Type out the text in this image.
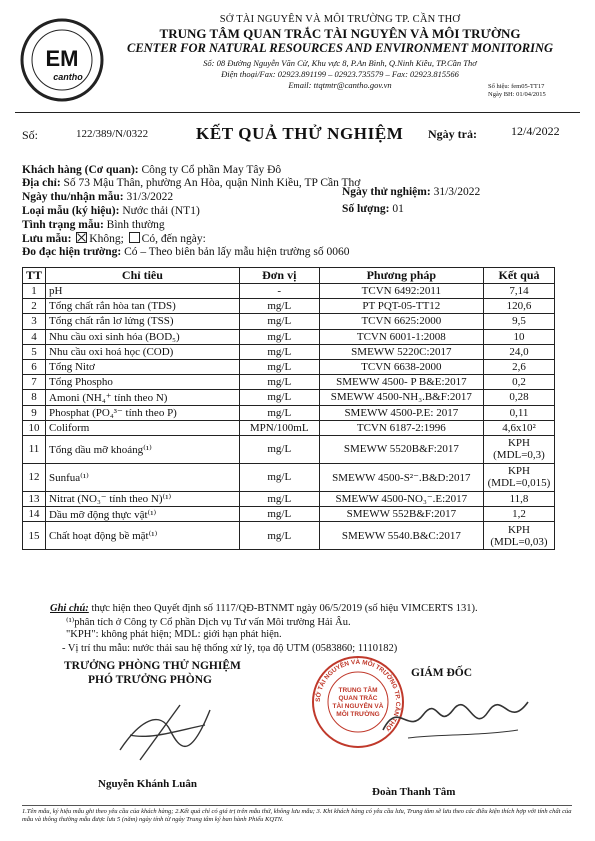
EM
cantho
SỞ TÀI NGUYÊN VÀ MÔI TRƯỜNG TP. CẦN THƠ
TRUNG TÂM QUAN TRẮC TÀI NGUYÊN VÀ MÔI TRƯỜNG
CENTER FOR NATURAL RESOURCES AND ENVIRONMENT MONITORING
Số: 08 Đường Nguyễn Văn Cừ, Khu vực 8, P.An Bình, Q.Ninh Kiều, TP.Cần Thơ
Điện thoại/Fax: 02923.891199 – 02923.735579 – Fax: 02923.815566
Email: ttqtmtr@cantho.gov.vn	Số hiệu: fem05-TT17
Ngày BH: 01/04/2015
Số:	122/389/N/0322	KẾT QUẢ THỬ NGHIỆM Ngày trả:	12/4/2022
Khách hàng (Cơ quan): Công ty Cổ phần May Tây Đô
Địa chỉ: Số 73 Mậu Thân, phường An Hòa, quận Ninh Kiều, TP Cần Thơ
Ngày thu/nhận mẫu: 31/3/2022	Ngày thử nghiệm: 31/3/2022
Loại mẫu (ký hiệu): Nước thải (NT1)	Số lượng: 01
Tình trạng mẫu: Bình thường
Lưu mẫu: Không; Có, đến ngày:
Đo đạc hiện trường: Có – Theo biên bản lấy mẫu hiện trường số 0060
TT	Chỉ tiêu	Đơn vị	Phương pháp	Kết quả
1	pH	-	TCVN 6492:2011	7,14
2	Tổng chất rắn hòa tan (TDS)	mg/L	PT PQT-05-TT12	120,6
3	Tổng chất rắn lơ lửng (TSS)	mg/L	TCVN 6625:2000	9,5
4	Nhu cầu oxi sinh hóa (BOD₅)	mg/L	TCVN 6001-1:2008	10
5	Nhu cầu oxi hoá học (COD)	mg/L	SMEWW 5220C:2017	24,0
6	Tổng Nitơ	mg/L	TCVN 6638-2000	2,6
7	Tổng Phospho	mg/L	SMEWW 4500- P B&E:2017	0,2
8	Amoni (NH₄⁺ tính theo N)	mg/L	SMEWW 4500-NH₃.B&F:2017	0,28
9	Phosphat (PO₄³⁻ tính theo P)	mg/L	SMEWW 4500-P.E: 2017	0,11
10	Coliform	MPN/100mL	TCVN 6187-2:1996	4,6x10²
11	Tổng dầu mỡ khoáng⁽¹⁾	mg/L	SMEWW 5520B&F:2017	KPH
(MDL=0,3)
12	Sunfua⁽¹⁾	mg/L	SMEWW 4500-S²⁻.B&D:2017	KPH
(MDL=0,015)
13	Nitrat (NO₃⁻ tính theo N)⁽¹⁾	mg/L	SMEWW 4500-NO₃⁻.E:2017	11,8
14	Dầu mỡ động thực vật⁽¹⁾	mg/L	SMEWW 552B&F:2017	1,2
15	Chất hoạt động bề mặt⁽¹⁾	mg/L	SMEWW 5540.B&C:2017	KPH
(MDL=0,03)
Ghi chú: thực hiện theo Quyết định số 1117/QĐ-BTNMT ngày 06/5/2019 (số hiệu VIMCERTS 131).
⁽¹⁾phân tích ở Công ty Cổ phần Dịch vụ Tư vấn Môi trường Hải Âu.
"KPH": không phát hiện; MDL: giới hạn phát hiện.
- Vị trí thu mẫu: nước thải sau hệ thống xử lý, tọa độ UTM (0583860; 1110182)
TRƯỞNG PHÒNG THỬ NGHIỆM
PHÓ TRƯỞNG PHÒNG
GIÁM ĐỐC
SỞ TÀI NGUYÊN VÀ MÔI TRƯỜNG TP. CẦN THƠ
TRUNG TÂM
QUAN TRẮC
TÀI NGUYÊN VÀ
MÔI TRƯỜNG
Nguyễn Khánh Luân
Đoàn Thanh Tâm
1.Tên mẫu, ký hiệu mẫu ghi theo yêu cầu của khách hàng; 2.Kết quả chỉ có giá trị trên mẫu thử, không lưu mẫu; 3. Khi khách hàng có yêu cầu lưu, Trung tâm sẽ lưu theo các điều kiện thích hợp với tính chất của mẫu và thông thường mẫu được lưu 5 (năm) ngày tính từ ngày Trung tâm ký ban hành Phiếu KQTN.
